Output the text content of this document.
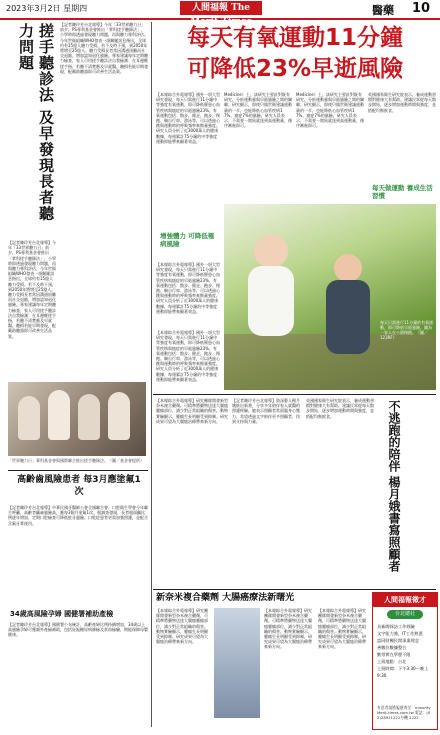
2023年3月2日 星期四	人間福報 The Merit Times
醫藥 10
搓手聽診法 及早發現長者聽力問題	【記者陳玲芳台北報導】今年「33世界聽力日」前夕，PS專利基金會推出「掌科搓手聽錄法」，小學時即透過發現聽力問題，再與聽力專科評估。今年世衛組織WHO發表一項關鍵訊息指出，全球約有15億人聽力受損。若不及時干預，到2050年將增至25億人。聽力受損長者常因溝通困難而社交退縮，增加認知退化風險。專家建議每年定期聽力檢查，家人可用搓手聽診法自我檢測：在耳邊輕搓手指，若聽不清楚應及早就醫。聽損若能早期發現，配戴助聽器即可改善生活品質。
【記者陳玲芳台北報導】今年「33世界聽力日」前夕，PS專利基金會推出「掌科搓手聽錄法」，小學時即透過發現聽力問題，再與聽力專科評估。今年世衛組織WHO發表一項關鍵訊息指出，全球約有15億人聽力受損。若不及時干預，到2050年將增至25億人。聽力受損長者常因溝通困難而社交退縮，增加認知退化風險。專家建議每年定期聽力檢查，家人可用搓手聽診法自我檢測：在耳邊輕搓手指，若聽不清楚應及早就醫。聽損若能早期發現，配戴助聽器即可改善生活品質。
「世界聽力日」華科基金會與國際聯合推出搓手聽錄法。（圖／基金會提供）
高齡齒風險患者 每3月應塗氟1次
【記者陳玲芳台北報導】中華民國牙醫師公會全國聯合會、口腔衛生學會今年聯合呼籲，高齡者齲齒風險高，應每3個月塗氟1次。根調查發現，長者根面齲比例逐年增加，定期口腔檢查可降低蛀牙風險。口乾症患者更需加強照護，並配合含氟牙膏使用。
34歲高風險孕婦 國健署補助產檢
【記者陳玲芳台北報導】國健署公布統計，高齡產婦比例持續增加，34歲以上高風險孕婦可獲額外產檢補助，包括妊娠糖尿病篩檢及貧血檢驗，期能保障母嬰健康。
每天有氧運動11分鐘
可降低23%早逝風險
【本報綜合外電報導】國外一項大型研究發現，每天只需進行11分鐘中等強度有氧運動，即可降低罹患心血管疾病與癌症的早逝風險23%。有氧運動包括：散步、健走、跑步、慢跑、騎自行車、游泳等，可以透過心跳與運動時的呼吸頻率來衡量強度。研究人員分析了近3000萬人的健康數據，每週累計75分鐘的中等強度運動即能帶來顯著效益。
增強體力 可降低罹病風險
【本報綜合外電報導】國外一項大型研究發現，每天只需進行11分鐘中等強度有氧運動，即可降低罹患心血管疾病與癌症的早逝風險23%。有氧運動包括：散步、健走、跑步、慢跑、騎自行車、游泳等，可以透過心跳與運動時的呼吸頻率來衡量強度。研究人員分析了近3000萬人的健康數據，每週累計75分鐘的中等強度運動即能帶來顯著效益。
Medicine）上。該研究主要針對既有研究，分析運動量與早逝風險之間的關聯。研究顯示，即使只做世衛建議運動量的一半，也能降低心血管疾病17%、癌症7%的風險。研究人員表示，不需要一開始就達到高運動量，循序漸進即可。
Medicine）上。該研究主要針對既有研究，分析運動量與早逝風險之間的關聯。研究顯示，即使只做世衛建議運動量的一半，也能降低心血管疾病17%、癌症7%的風險。研究人員表示，不需要一開始就達到高運動量，循序漸進即可。
英國國家衛生研究院表示，養成運動習慣對健康大有幫助。建議民眾從每天散步開始，逐步增加運動時間與強度，並搭配均衡飲食。
每天做運動 養成生活習慣
每天只需進行11分鐘的有氧運動，即可降低早逝風險。圖為一家人在公園慢跑。（圖／123RF）
【本報綜合外電報導】國外一項大型研究發現，每天只需進行11分鐘中等強度有氧運動，即可降低罹患心血管疾病與癌症的早逝風險23%。有氧運動包括：散步、健走、跑步、慢跑、騎自行車、游泳等，可以透過心跳與運動時的呼吸頻率來衡量強度。研究人員分析了近3000萬人的健康數據，每週累計75分鐘的中等強度運動即能帶來顯著效益。
【本報綜合外電報導】研究團隊開發新型奈米複合藥劑，可精準將藥物送達大腸癌腫瘤部位，減少對正常組織的傷害。動物實驗顯示，腫瘤生長明顯受到抑制，研究成果可望為大腸癌治療帶來新方向。
【記者陳玲芳台北報導】資深藝人楊月娥推出新書，分享多年陪伴家人就醫的照護經驗。她表示照顧者常面臨身心壓力，希望透過文字陪伴更多照顧者，找到支持與力量。
英國國家衛生研究院表示，養成運動習慣對健康大有幫助。建議民眾從每天散步開始，逐步增加運動時間與強度，並搭配均衡飲食。	不逃跑的陪伴 楊月娥書寫照顧者
新奈米複合藥劑 大腸癌療法新曙光
【本報綜合外電報導】研究團隊開發新型奈米複合藥劑，可精準將藥物送達大腸癌腫瘤部位，減少對正常組織的傷害。動物實驗顯示，腫瘤生長明顯受到抑制，研究成果可望為大腸癌治療帶來新方向。
【本報綜合外電報導】研究團隊開發新型奈米複合藥劑，可精準將藥物送達大腸癌腫瘤部位，減少對正常組織的傷害。動物實驗顯示，腫瘤生長明顯受到抑制，研究成果可望為大腸癌治療帶來新方向。
【本報綜合外電報導】研究團隊開發新型奈米複合藥劑，可精準將藥物送達大腸癌腫瘤部位，減少對正常組織的傷害。動物實驗顯示，腫瘤生長明顯受到抑制，研究成果可望為大腸癌治療帶來新方向。
人間福報徵才
台北總社
具新聞採訪工作經驗
文字能力強，IT工作熟悉
認同財團民間事業理念
善數位數據整合
勤勞實在學歷不限
上班地點：台北
上班時間：下午3:30～晚上9:30
有意者請將履歷寄至：minorityMerit-times.com.tw 電話：(02)28921222分機 2222
